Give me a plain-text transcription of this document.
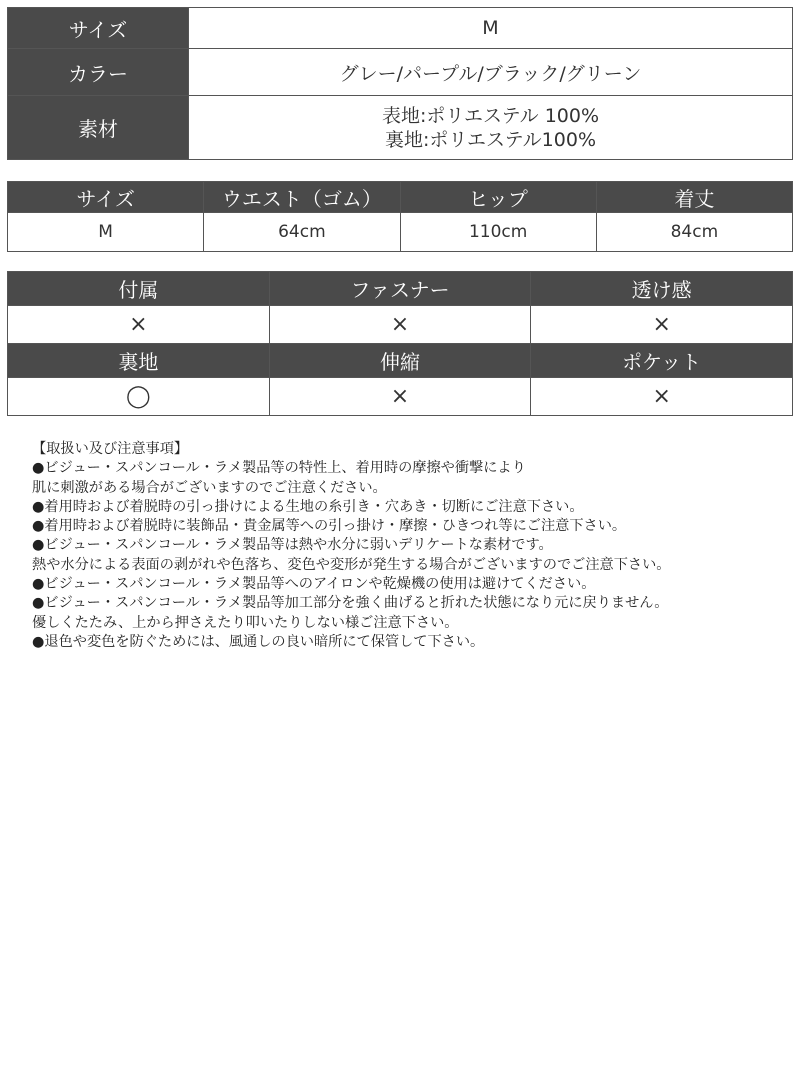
サイズ	M
カラー	グレー/パープル/ブラック/グリーン
素材	表地:ポリエステル 100%
裏地:ポリエステル100%
サイズ	ウエスト（ゴム）	ヒップ	着丈
M	64cm	110cm	84cm
付属	ファスナー	透け感
×	×	×
裏地	伸縮	ポケット
◯	×	×
【取扱い及び注意事項】
●ビジュー・スパンコール・ラメ製品等の特性上、着用時の摩擦や衝撃により
肌に刺激がある場合がございますのでご注意ください。
●着用時および着脱時の引っ掛けによる生地の糸引き・穴あき・切断にご注意下さい。
●着用時および着脱時に装飾品・貴金属等への引っ掛け・摩擦・ひきつれ等にご注意下さい。
●ビジュー・スパンコール・ラメ製品等は熱や水分に弱いデリケートな素材です。
熱や水分による表面の剥がれや色落ち、変色や変形が発生する場合がございますのでご注意下さい。
●ビジュー・スパンコール・ラメ製品等へのアイロンや乾燥機の使用は避けてください。
●ビジュー・スパンコール・ラメ製品等加工部分を強く曲げると折れた状態になり元に戻りません。
優しくたたみ、上から押さえたり叩いたりしない様ご注意下さい。
●退色や変色を防ぐためには、風通しの良い暗所にて保管して下さい。
